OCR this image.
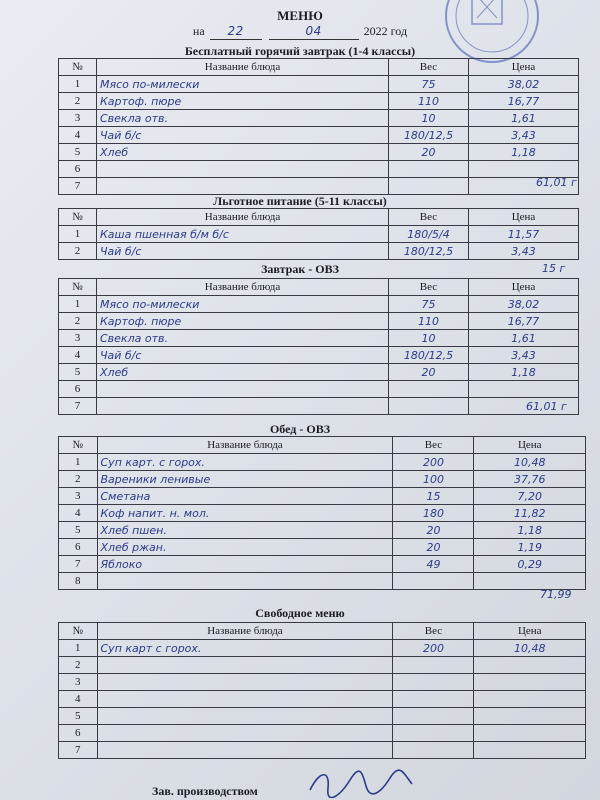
МЕНЮ
на 22	04	2022 год
Бесплатный горячий завтрак (1-4 классы)
№	Название блюда	Вес	Цена
1	Мясо по-милески	75	38,02
2	Картоф. пюре	110	16,77
3	Свекла отв.	10	1,61
4	Чай б/с	180/12,5	3,43
5	Хлеб	20	1,18
6			
7				61,01 г
Льготное питание (5-11 классы)
№	Название блюда	Вес	Цена
1	Каша пшенная б/м б/с	180/5/4	11,57
2	Чай б/с	180/12,5	3,43
15 г
Завтрак - ОВЗ
№	Название блюда	Вес	Цена
1	Мясо по-милески	75	38,02
2	Картоф. пюре	110	16,77
3	Свекла отв.	10	1,61
4	Чай б/с	180/12,5	3,43
5	Хлеб	20	1,18
6			
7				61,01 г
Обед - ОВЗ
№	Название блюда	Вес	Цена
1	Суп карт. с горох.	200	10,48
2	Вареники ленивые	100	37,76
3	Сметана	15	7,20
4	Коф напит. н. мол.	180	11,82
5	Хлеб пшен.	20	1,18
6	Хлеб ржан.	20	1,19
7	Яблоко	49	0,29
8			
71,99
Свободное меню
№	Название блюда	Вес	Цена
1	Суп карт с горох.	200	10,48
2			
3			
4			
5			
6			
7			
Зав. производством
